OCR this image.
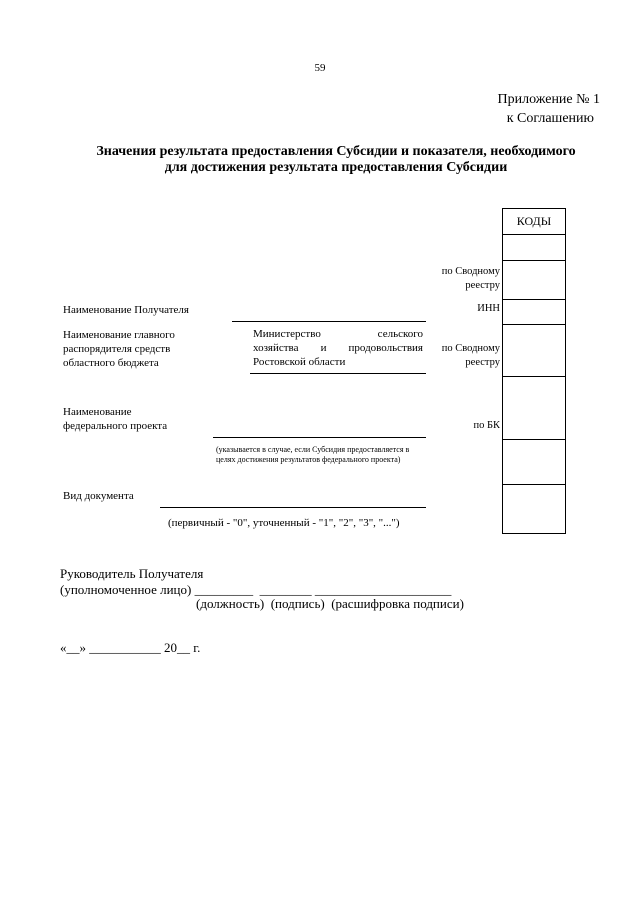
59
Приложение № 1
к Соглашению
Значения результата предоставления Субсидии и показателя, необходимого
для достижения результата предоставления Субсидии
КОДЫ
по Сводному
реестру
ИНН
по Сводному
реестру
по БК
Наименование Получателя
Наименование главного
распорядителя средств
областного бюджета
Министерство сельского
хозяйства и продовольствия
Ростовской области
Наименование
федерального проекта
(указывается в случае, если Субсидия предоставляется в
целях достижения результатов федерального проекта)
Вид документа
(первичный - "0", уточненный - "1", "2", "3", "...")
Руководитель Получателя
(уполномоченное лицо) _________  ________ _____________________
(должность)  (подпись)  (расшифровка подписи)
«__» ___________ 20__ г.
